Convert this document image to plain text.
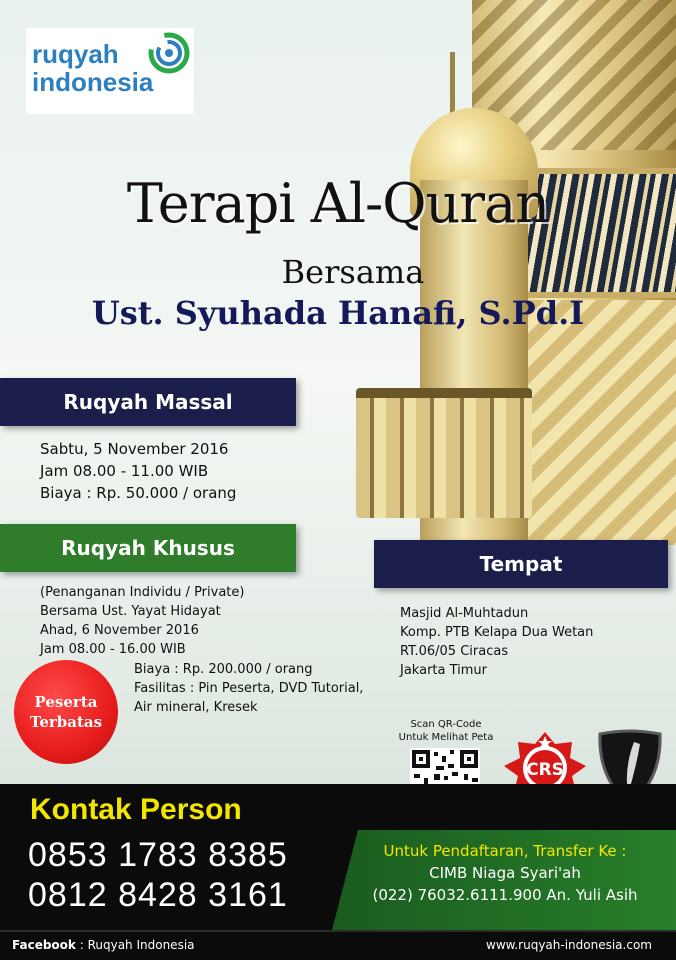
ruqyah
indonesia
Terapi Al-Quran
Bersama
Ust. Syuhada Hanafi, S.Pd.I
Ruqyah Massal
Sabtu, 5 November 2016
Jam 08.00 - 11.00 WIB
Biaya : Rp. 50.000 / orang
Ruqyah Khusus
(Penanganan Individu / Private)
Bersama Ust. Yayat Hidayat
Ahad, 6 November 2016
Jam 08.00 - 16.00 WIB
Biaya : Rp. 200.000 / orang
Fasilitas : Pin Peserta, DVD Tutorial,
Air mineral, Kresek
Tempat
Masjid Al-Muhtadun
Komp. PTB Kelapa Dua Wetan
RT.06/05 Ciracas
Jakarta Timur
Peserta
Terbatas	Scan QR-Code
Untuk Melihat Peta
CRS
Kontak Person
0853 1783 8385
0812 8428 3161
Untuk Pendaftaran, Transfer Ke :
CIMB Niaga Syari'ah
(022) 76032.6111.900 An. Yuli Asih
Facebook : Ruqyah Indonesia	www.ruqyah-indonesia.com
